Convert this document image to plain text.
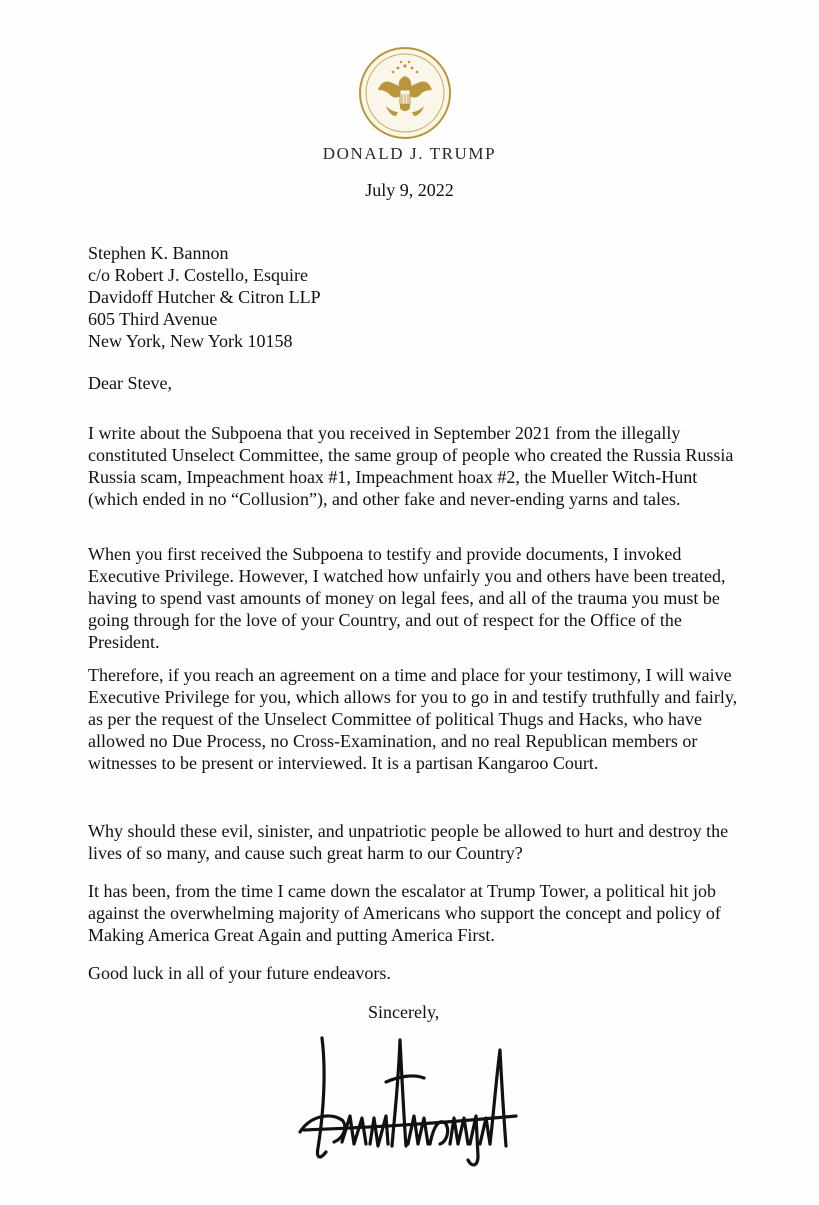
DONALD J. TRUMP
July 9, 2022
Stephen K. Bannon
c/o Robert J. Costello, Esquire
Davidoff Hutcher & Citron LLP
605 Third Avenue
New York, New York 10158
Dear Steve,
I write about the Subpoena that you received in September 2021 from the illegally constituted Unselect Committee, the same group of people who created the Russia Russia Russia scam, Impeachment hoax #1, Impeachment hoax #2, the Mueller Witch-Hunt (which ended in no “Collusion”), and other fake and never-ending yarns and tales.
When you first received the Subpoena to testify and provide documents, I invoked Executive Privilege. However, I watched how unfairly you and others have been treated, having to spend vast amounts of money on legal fees, and all of the trauma you must be going through for the love of your Country, and out of respect for the Office of the President.
Therefore, if you reach an agreement on a time and place for your testimony, I will waive Executive Privilege for you, which allows for you to go in and testify truthfully and fairly, as per the request of the Unselect Committee of political Thugs and Hacks, who have allowed no Due Process, no Cross-Examination, and no real Republican members or witnesses to be present or interviewed. It is a partisan Kangaroo Court.
Why should these evil, sinister, and unpatriotic people be allowed to hurt and destroy the lives of so many, and cause such great harm to our Country?
It has been, from the time I came down the escalator at Trump Tower, a political hit job against the overwhelming majority of Americans who support the concept and policy of Making America Great Again and putting America First.
Good luck in all of your future endeavors.
Sincerely,
